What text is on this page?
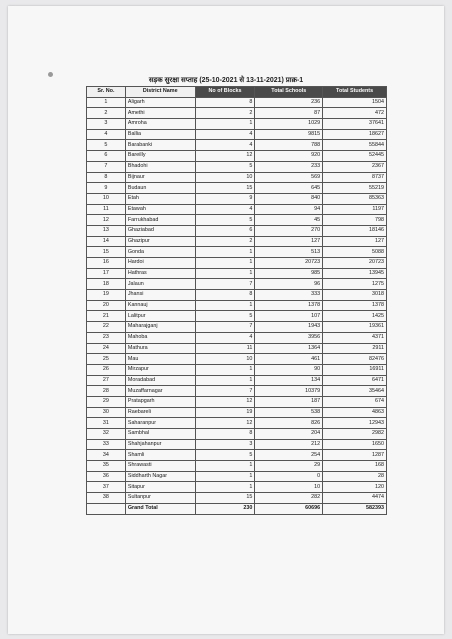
सड़क सुरक्षा सप्ताह (25-10-2021 से 13-11-2021) प्राक्र-1
Sr. No.	District Name	No of Blocks	Total Schools	Total Students
1	Aligarh	8	236	1504
2	Amethi	2	87	472
3	Amroha	1	1029	37641
4	Ballia	4	9815	18627
5	Barabanki	4	788	55844
6	Bareilly	12	920	52445
7	Bhadohi	5	233	2367
8	Bijnaur	10	569	8737
9	Budaun	15	645	55219
10	Etah	9	840	85363
11	Etawah	4	94	1197
12	Farrukhabad	5	45	798
13	Ghaziabad	6	270	18146
14	Ghazipur	2	127	127
15	Gonda	1	513	5088
16	Hardoi	1	20723	20723
17	Hathras	1	985	13945
18	Jalaun	7	96	1275
19	Jhansi	8	333	3018
20	Kannauj	1	1378	1378
21	Lalitpur	5	107	1425
22	Maharajganj	7	1943	19361
23	Mahoba	4	3956	4371
24	Mathura	11	1364	2911
25	Mau	10	461	82476
26	Mirzapur	1	90	16911
27	Moradabad	1	134	6471
28	Muzaffarnagar	7	10379	35464
29	Pratapgarh	12	187	674
30	Raebareli	19	538	4863
31	Saharanpur	12	826	12943
32	Sambhal	8	204	2982
33	Shahjahanpur	3	212	1650
34	Shamli	5	254	1287
35	Shrawasti	1	29	168
36	Siddharth Nagar	1	0	28
37	Sitapur	1	10	120
38	Sultanpur	15	282	4474
	Grand Total	230	60696	582393
